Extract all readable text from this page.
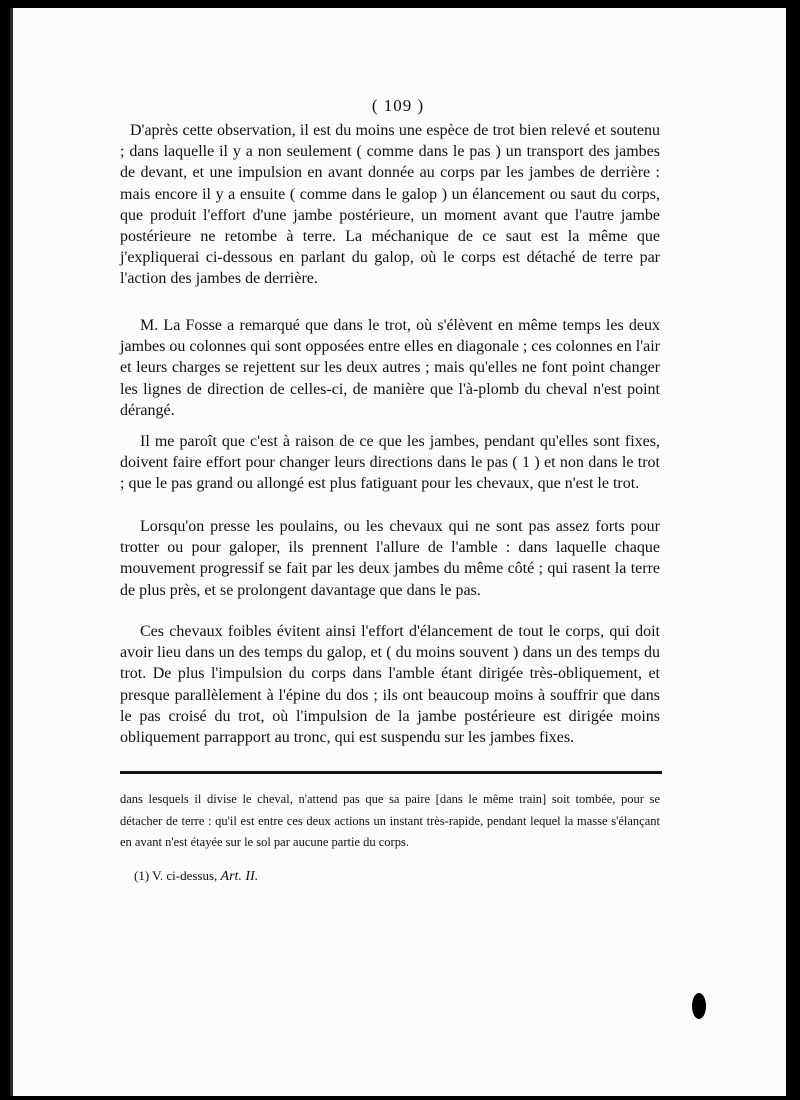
( 109 )

D'après cette observation, il est du moins une espèce de trot bien relevé et soutenu ; dans laquelle il y a non seulement ( comme dans le pas ) un transport des jambes de devant, et une impulsion en avant donnée au corps par les jambes de derrière : mais encore il y a ensuite ( comme dans le galop ) un élancement ou saut du corps, que produit l'effort d'une jambe postérieure, un moment avant que l'autre jambe postérieure ne retombe à terre. La méchanique de ce saut est la même que j'expliquerai ci-dessous en parlant du galop, où le corps est détaché de terre par l'action des jambes de derrière.

M. La Fosse a remarqué que dans le trot, où s'élèvent en même temps les deux jambes ou colonnes qui sont opposées entre elles en diagonale ; ces colonnes en l'air et leurs charges se rejettent sur les deux autres ; mais qu'elles ne font point changer les lignes de direction de celles-ci, de manière que l'à-plomb du cheval n'est point dérangé.

Il me paroît que c'est à raison de ce que les jambes, pendant qu'elles sont fixes, doivent faire effort pour changer leurs directions dans le pas ( 1 ) et non dans le trot ; que le pas grand ou allongé est plus fatiguant pour les chevaux, que n'est le trot.

Lorsqu'on presse les poulains, ou les chevaux qui ne sont pas assez forts pour trotter ou pour galoper, ils prennent l'allure de l'amble : dans laquelle chaque mouvement progressif se fait par les deux jambes du même côté ; qui rasent la terre de plus près, et se prolongent davantage que dans le pas.

Ces chevaux foibles évitent ainsi l'effort d'élancement de tout le corps, qui doit avoir lieu dans un des temps du galop, et ( du moins souvent ) dans un des temps du trot. De plus l'impulsion du corps dans l'amble étant dirigée très-obliquement, et presque parallèlement à l'épine du dos ; ils ont beaucoup moins à souffrir que dans le pas croisé du trot, où l'impulsion de la jambe postérieure est dirigée moins obliquement parrapport au tronc, qui est suspendu sur les jambes fixes.

dans lesquels il divise le cheval, n'attend pas que sa paire [dans le même train] soit tombée, pour se détacher de terre : qu'il est entre ces deux actions un instant très-rapide, pendant lequel la masse s'élançant en avant n'est étayée sur le sol par aucune partie du corps.

(1) V. ci-dessus, Art. II.
